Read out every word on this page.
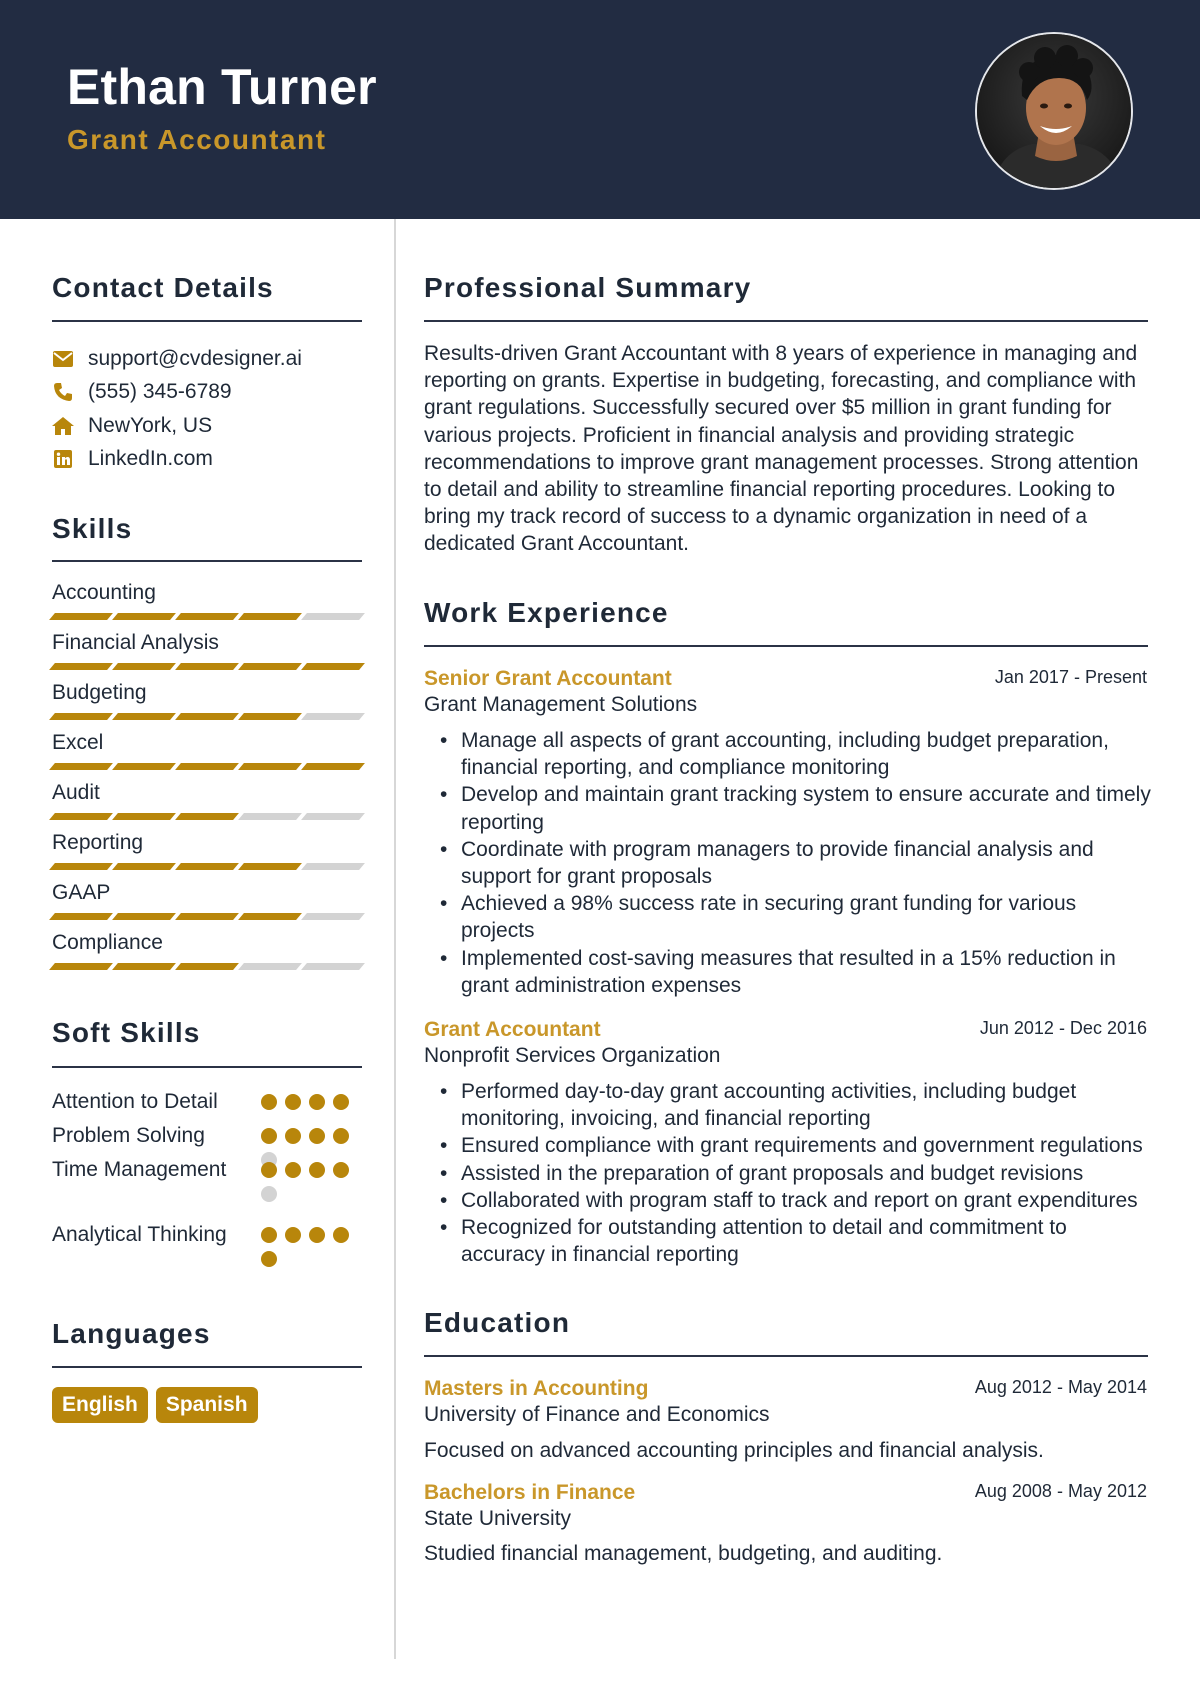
Ethan Turner
Grant Accountant
Contact Details
support@cvdesigner.ai
(555) 345-6789
NewYork, US
LinkedIn.com
Skills
Accounting
Financial Analysis
Budgeting
Excel
Audit
Reporting
GAAP
Compliance
Soft Skills
Attention to Detail
Problem Solving
Time Management
Analytical Thinking
Languages
English	Spanish
Professional Summary
Results-driven Grant Accountant with 8 years of experience in managing and reporting on grants. Expertise in budgeting, forecasting, and compliance with grant regulations. Successfully secured over $5 million in grant funding for various projects. Proficient in financial analysis and providing strategic recommendations to improve grant management processes. Strong attention to detail and ability to streamline financial reporting procedures. Looking to bring my track record of success to a dynamic organization in need of a dedicated Grant Accountant.
Work Experience
Senior Grant Accountant	Jan 2017 - Present
Grant Management Solutions
• Manage all aspects of grant accounting, including budget preparation, financial reporting, and compliance monitoring
• Develop and maintain grant tracking system to ensure accurate and timely reporting
• Coordinate with program managers to provide financial analysis and support for grant proposals
• Achieved a 98% success rate in securing grant funding for various projects
• Implemented cost-saving measures that resulted in a 15% reduction in grant administration expenses
Grant Accountant	Jun 2012 - Dec 2016
Nonprofit Services Organization
• Performed day-to-day grant accounting activities, including budget monitoring, invoicing, and financial reporting
• Ensured compliance with grant requirements and government regulations
• Assisted in the preparation of grant proposals and budget revisions
• Collaborated with program staff to track and report on grant expenditures
• Recognized for outstanding attention to detail and commitment to accuracy in financial reporting
Education
Masters in Accounting	Aug 2012 - May 2014
University of Finance and Economics
Focused on advanced accounting principles and financial analysis.
Bachelors in Finance	Aug 2008 - May 2012
State University
Studied financial management, budgeting, and auditing.
